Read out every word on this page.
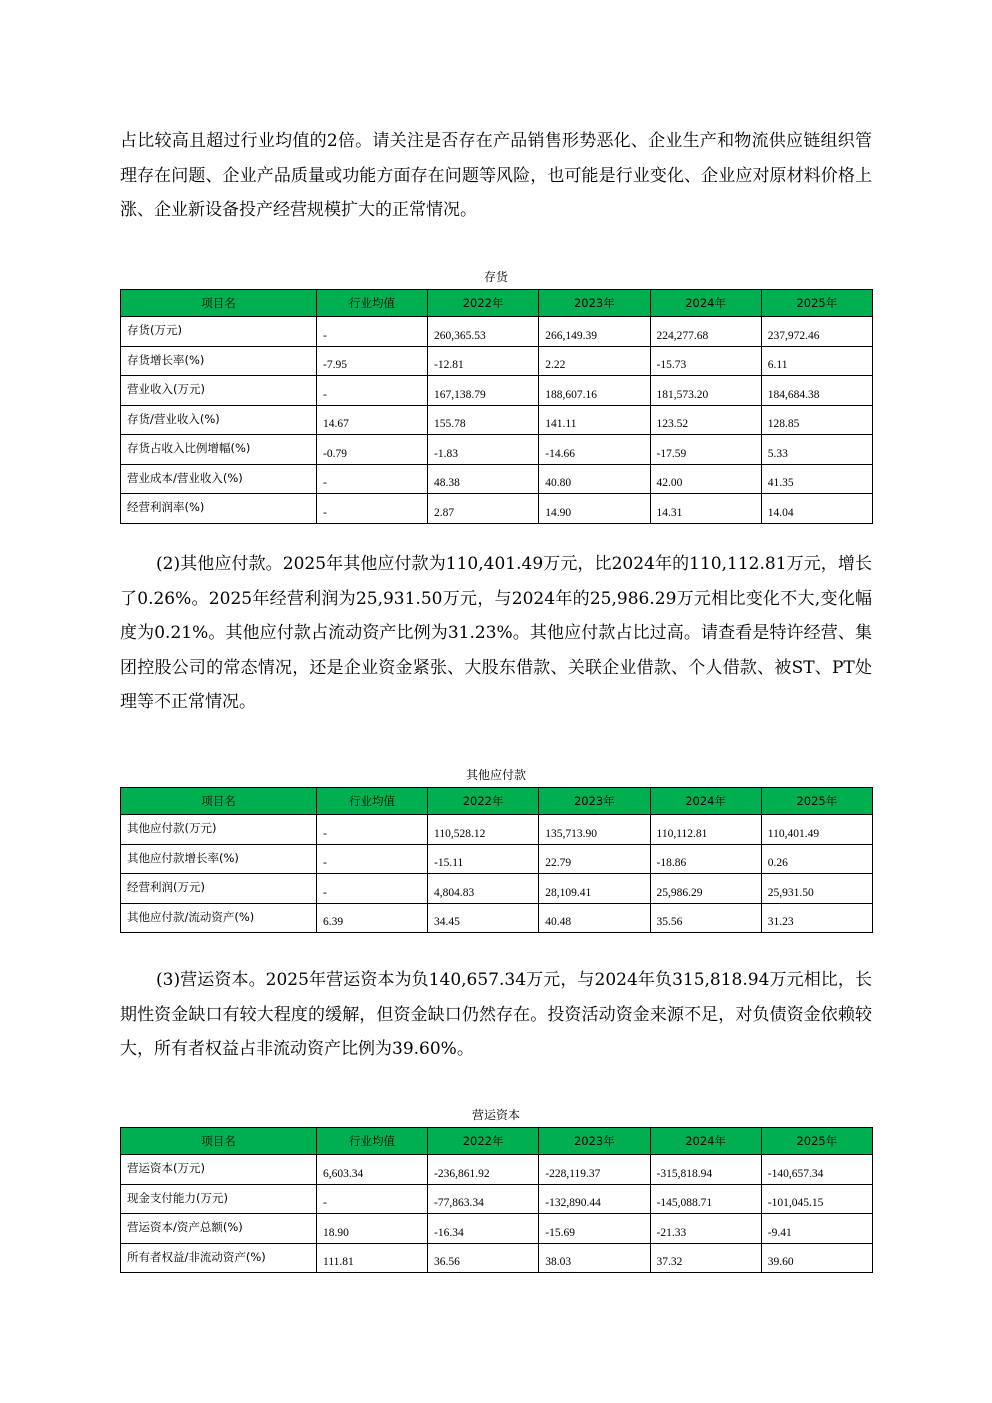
占比较高且超过行业均值的2倍。请关注是否存在产品销售形势恶化、企业生产和物流供应链组织管理存在问题、企业产品质量或功能方面存在问题等风险，也可能是行业变化、企业应对原材料价格上涨、企业新设备投产经营规模扩大的正常情况。

存货
项目名	行业均值	2022年	2023年	2024年	2025年
存货(万元)	-	260,365.53	266,149.39	224,277.68	237,972.46
存货增长率(%)	-7.95	-12.81	2.22	-15.73	6.11
营业收入(万元)	-	167,138.79	188,607.16	181,573.20	184,684.38
存货/营业收入(%)	14.67	155.78	141.11	123.52	128.85
存货占收入比例增幅(%)	-0.79	-1.83	-14.66	-17.59	5.33
营业成本/营业收入(%)	-	48.38	40.80	42.00	41.35
经营利润率(%)	-	2.87	14.90	14.31	14.04

(2)其他应付款。2025年其他应付款为110,401.49万元，比2024年的110,112.81万元，增长了0.26%。2025年经营利润为25,931.50万元，与2024年的25,986.29万元相比变化不大,变化幅度为0.21%。其他应付款占流动资产比例为31.23%。其他应付款占比过高。请查看是特许经营、集团控股公司的常态情况，还是企业资金紧张、大股东借款、关联企业借款、个人借款、被ST、PT处理等不正常情况。

其他应付款
项目名	行业均值	2022年	2023年	2024年	2025年
其他应付款(万元)	-	110,528.12	135,713.90	110,112.81	110,401.49
其他应付款增长率(%)	-	-15.11	22.79	-18.86	0.26
经营利润(万元)	-	4,804.83	28,109.41	25,986.29	25,931.50
其他应付款/流动资产(%)	6.39	34.45	40.48	35.56	31.23

(3)营运资本。2025年营运资本为负140,657.34万元，与2024年负315,818.94万元相比，长期性资金缺口有较大程度的缓解，但资金缺口仍然存在。投资活动资金来源不足，对负债资金依赖较大，所有者权益占非流动资产比例为39.60%。

营运资本
项目名	行业均值	2022年	2023年	2024年	2025年
营运资本(万元)	6,603.34	-236,861.92	-228,119.37	-315,818.94	-140,657.34
现金支付能力(万元)	-	-77,863.34	-132,890.44	-145,088.71	-101,045.15
营运资本/资产总额(%)	18.90	-16.34	-15.69	-21.33	-9.41
所有者权益/非流动资产(%)	111.81	36.56	38.03	37.32	39.60
